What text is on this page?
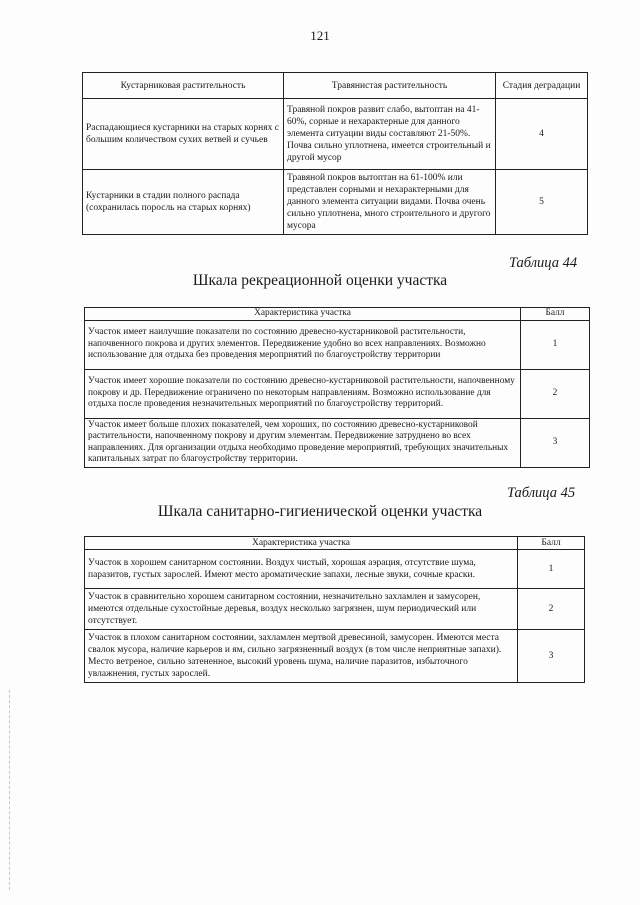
121
Кустарниковая растительность	Травянистая растительность	Стадия деградации
Распадающиеся кустарники на старых корнях с большим количеством сухих ветвей и сучьев	Травяной покров развит слабо, вытоптан на 41-60%, сорные и нехарактерные для данного элемента ситуации виды составляют 21-50%. Почва сильно уплотнена, имеется строительный и другой мусор	4
Кустарники в стадии полного распада (сохранилась поросль на старых корнях)	Травяной покров вытоптан на 61-100% или представлен сорными и нехарактерными для данного элемента ситуации видами. Почва очень сильно уплотнена, много строительного и другого мусора	5
Таблица 44
Шкала рекреационной оценки участка
Характеристика участка	Балл
Участок имеет наилучшие показатели по состоянию древесно-кустарниковой растительности, напочвенного покрова и других элементов. Передвижение удобно во всех направлениях. Возможно использование для отдыха без проведения мероприятий по благоустройству территории	1
Участок имеет хорошие показатели по состоянию древесно-кустарниковой растительности, напочвенному покрову и др. Передвижение ограничено по некоторым направлениям. Возможно использование для отдыха после проведения незначительных мероприятий по благоустройству территорий.	2
Участок имеет больше плохих показателей, чем хороших, по состоянию древесно-кустарниковой растительности, напочвенному покрову и другим элементам. Передвижение затруднено во всех направлениях. Для организации отдыха необходимо проведение мероприятий, требующих значительных капитальных затрат по благоустройству территории.	3
Таблица 45
Шкала санитарно-гигиенической оценки участка
Характеристика участка	Балл
Участок в хорошем санитарном состоянии. Воздух чистый, хорошая аэрация, отсутствие шума, паразитов, густых зарослей. Имеют место ароматические запахи, лесные звуки, сочные краски.	1
Участок в сравнительно хорошем санитарном состоянии, незначительно захламлен и замусорен, имеются отдельные сухостойные деревья, воздух несколько загрязнен, шум периодический или отсутствует.	2
Участок в плохом санитарном состоянии, захламлен мертвой древесиной, замусорен. Имеются места свалок мусора, наличие карьеров и ям, сильно загрязненный воздух (в том числе неприятные запахи). Место ветреное, сильно затененное, высокий уровень шума, наличие паразитов, избыточного увлажнения, густых зарослей.	3
